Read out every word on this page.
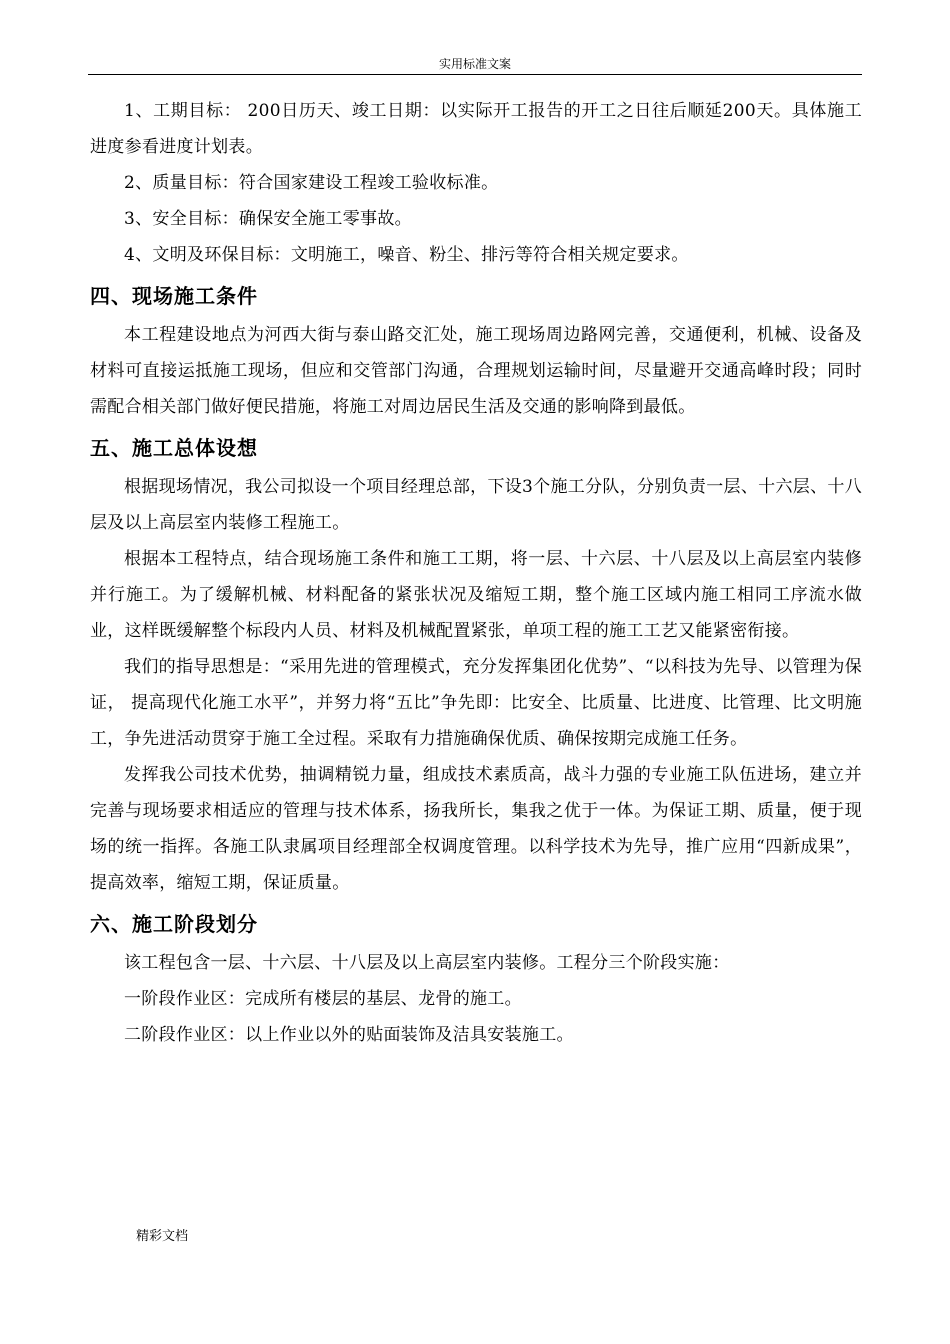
实用标准文案

1、工期目标： 200日历天、竣工日期：以实际开工报告的开工之日往后顺延200天。具体施工进度参看进度计划表。

2、质量目标：符合国家建设工程竣工验收标准。

3、安全目标：确保安全施工零事故。

4、文明及环保目标：文明施工，噪音、粉尘、排污等符合相关规定要求。

四、现场施工条件

本工程建设地点为河西大街与泰山路交汇处，施工现场周边路网完善，交通便利，机械、设备及材料可直接运抵施工现场，但应和交管部门沟通，合理规划运输时间，尽量避开交通高峰时段；同时需配合相关部门做好便民措施，将施工对周边居民生活及交通的影响降到最低。

五、施工总体设想

根据现场情况，我公司拟设一个项目经理总部，下设3个施工分队，分别负责一层、十六层、十八层及以上高层室内装修工程施工。

根据本工程特点，结合现场施工条件和施工工期，将一层、十六层、十八层及以上高层室内装修并行施工。为了缓解机械、材料配备的紧张状况及缩短工期，整个施工区域内施工相同工序流水做业，这样既缓解整个标段内人员、材料及机械配置紧张，单项工程的施工工艺又能紧密衔接。

我们的指导思想是：“采用先进的管理模式，充分发挥集团化优势”、“以科技为先导、以管理为保证， 提高现代化施工水平”，并努力将“五比”争先即：比安全、比质量、比进度、比管理、比文明施工，争先进活动贯穿于施工全过程。采取有力措施确保优质、确保按期完成施工任务。

发挥我公司技术优势，抽调精锐力量，组成技术素质高，战斗力强的专业施工队伍进场，建立并完善与现场要求相适应的管理与技术体系，扬我所长，集我之优于一体。为保证工期、质量，便于现场的统一指挥。各施工队隶属项目经理部全权调度管理。以科学技术为先导，推广应用“四新成果”，提高效率，缩短工期，保证质量。

六、施工阶段划分

该工程包含一层、十六层、十八层及以上高层室内装修。工程分三个阶段实施：

一阶段作业区：完成所有楼层的基层、龙骨的施工。

二阶段作业区：以上作业以外的贴面装饰及洁具安装施工。

精彩文档
